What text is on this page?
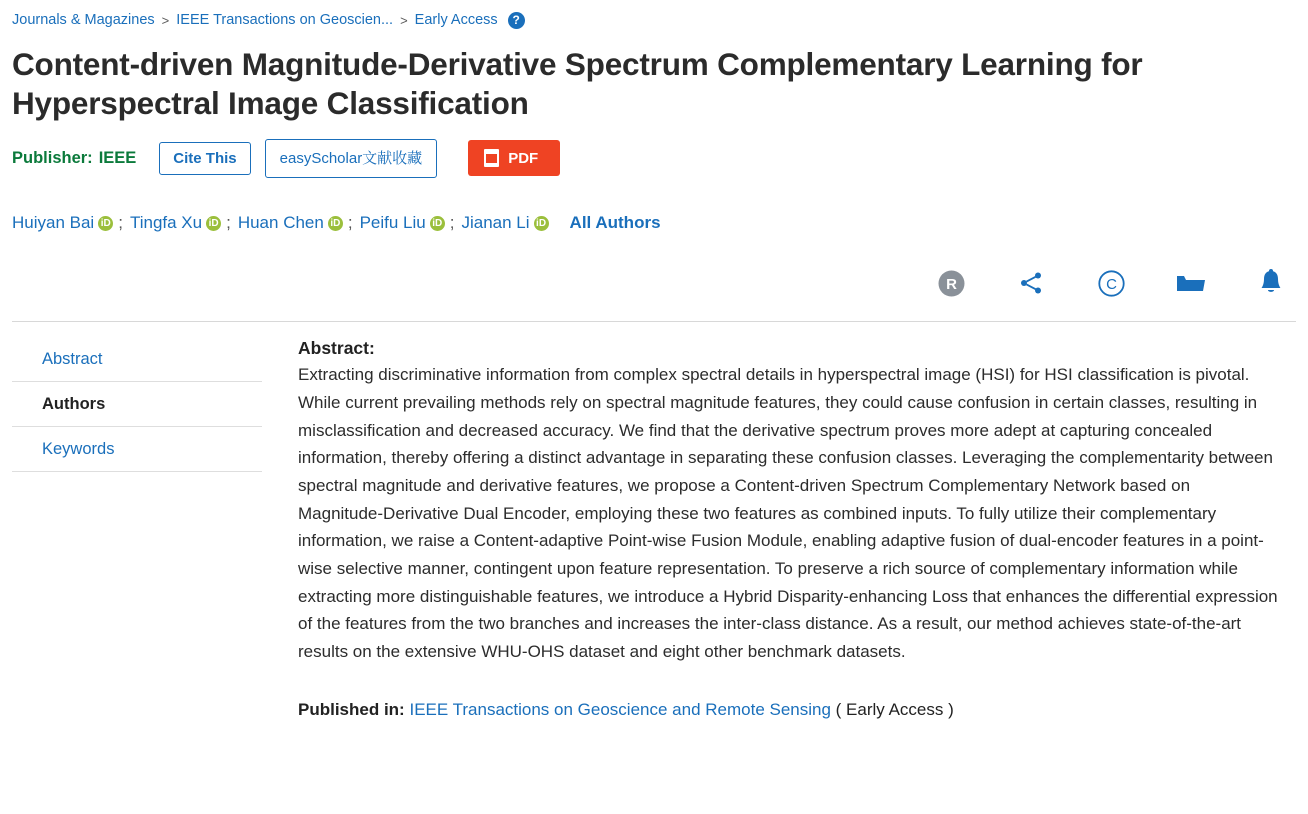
Journals & Magazines > IEEE Transactions on Geoscien... > Early Access	?
Content-driven Magnitude-Derivative Spectrum Complementary Learning for Hyperspectral Image Classification
Publisher: IEEE	Cite This	easyScholar文献收藏	PDF
Huiyan Bai iD ; Tingfa Xu iD ; Huan Chen iD ; Peifu Liu iD ; Jianan Li iD All Authors
R	C
Abstract
Authors
Keywords
Abstract:
Extracting discriminative information from complex spectral details in hyperspectral image (HSI) for HSI classification is pivotal. While current prevailing methods rely on spectral magnitude features, they could cause confusion in certain classes, resulting in misclassification and decreased accuracy. We find that the derivative spectrum proves more adept at capturing concealed information, thereby offering a distinct advantage in separating these confusion classes. Leveraging the complementarity between spectral magnitude and derivative features, we propose a Content-driven Spectrum Complementary Network based on Magnitude-Derivative Dual Encoder, employing these two features as combined inputs. To fully utilize their complementary information, we raise a Content-adaptive Point-wise Fusion Module, enabling adaptive fusion of dual-encoder features in a point-wise selective manner, contingent upon feature representation. To preserve a rich source of complementary information while extracting more distinguishable features, we introduce a Hybrid Disparity-enhancing Loss that enhances the differential expression of the features from the two branches and increases the inter-class distance. As a result, our method achieves state-of-the-art results on the extensive WHU-OHS dataset and eight other benchmark datasets.
Published in: IEEE Transactions on Geoscience and Remote Sensing ( Early Access )
